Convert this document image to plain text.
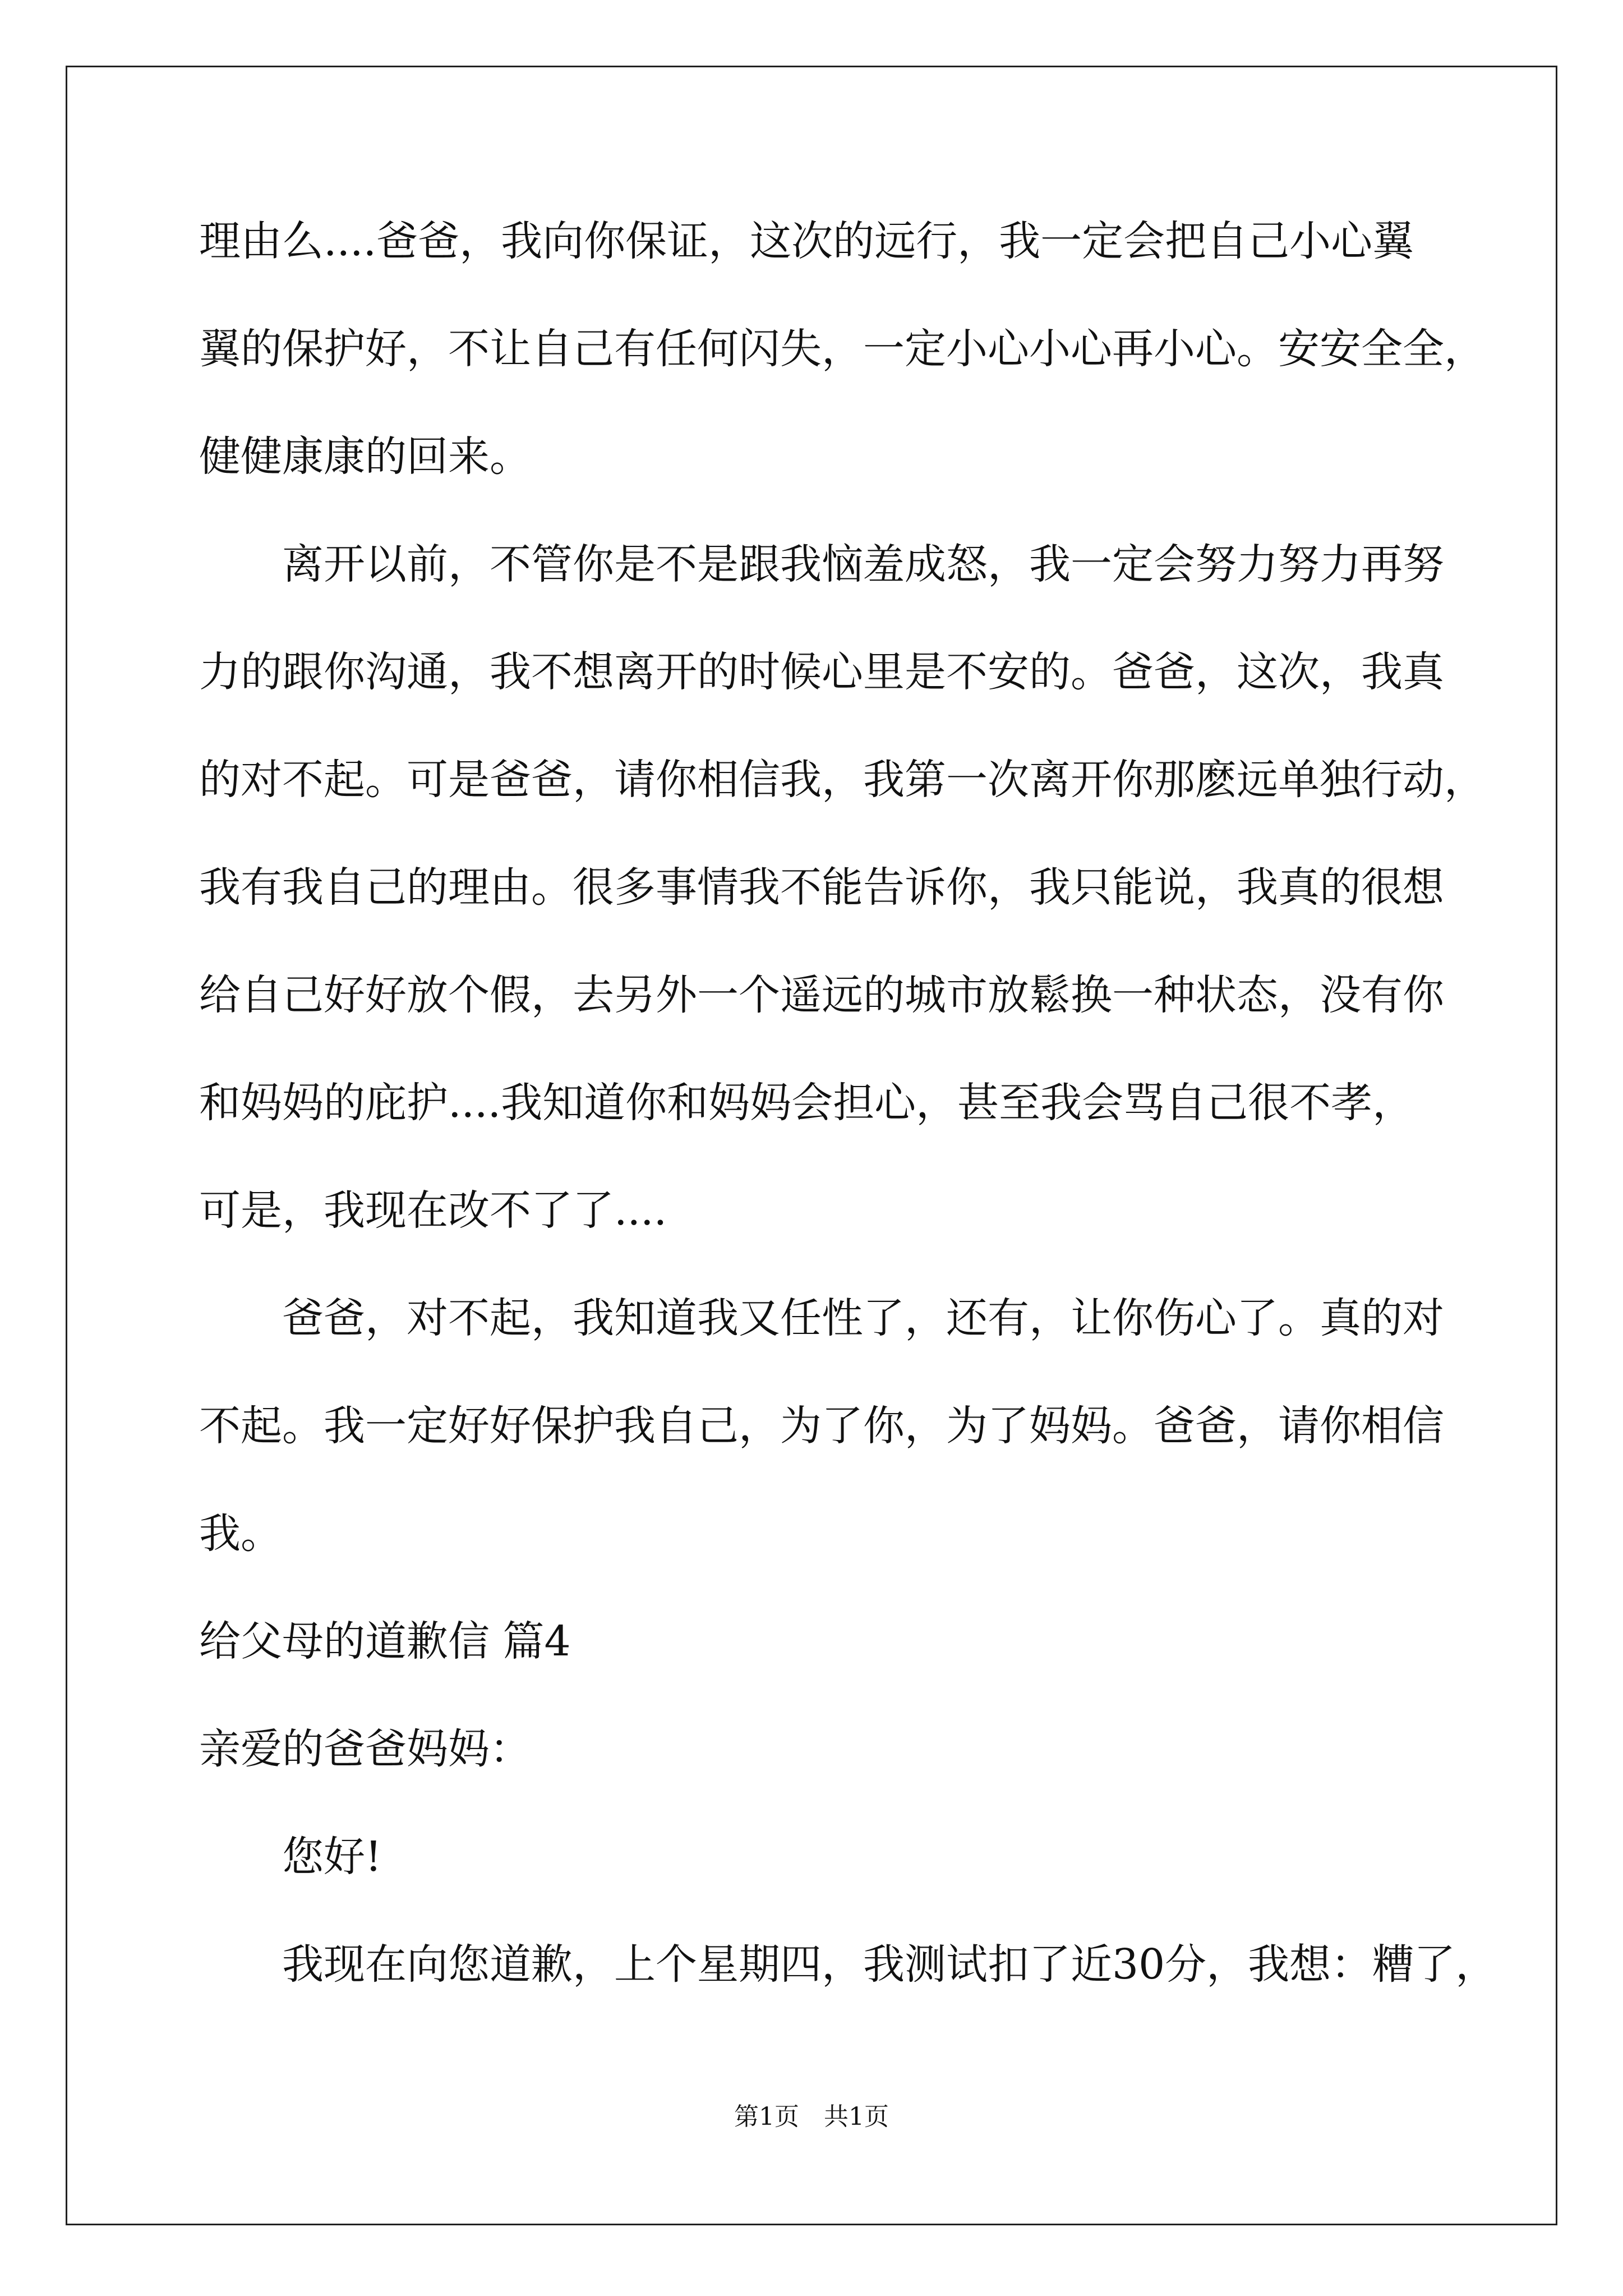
理由么....爸爸，我向你保证，这次的远行，我一定会把自己小心翼
翼的保护好，不让自己有任何闪失，一定小心小心再小心。安安全全，
健健康康的回来。
离开以前，不管你是不是跟我恼羞成怒，我一定会努力努力再努
力的跟你沟通，我不想离开的时候心里是不安的。爸爸，这次，我真
的对不起。可是爸爸，请你相信我，我第一次离开你那麽远单独行动，
我有我自己的理由。很多事情我不能告诉你，我只能说，我真的很想
给自己好好放个假，去另外一个遥远的城市放鬆换一种状态，没有你
和妈妈的庇护....我知道你和妈妈会担心，甚至我会骂自己很不孝，
可是，我现在改不了了....
爸爸，对不起，我知道我又任性了，还有，让你伤心了。真的对
不起。我一定好好保护我自己，为了你，为了妈妈。爸爸，请你相信
我。
给父母的道歉信 篇4
亲爱的爸爸妈妈：
您好!
我现在向您道歉，上个星期四，我测试扣了近30分，我想：糟了，
第1页　共1页
